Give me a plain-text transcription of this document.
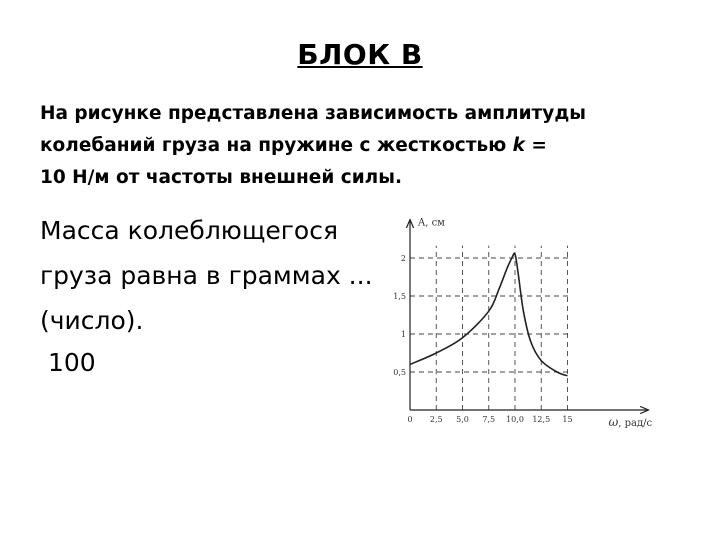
БЛОК В
На рисунке представлена зависимость амплитуды
колебаний груза на пружине с жесткостью k =
10 Н/м от частоты внешней силы.
Масса колеблющегося
груза равна в граммах ...
(число).
100
0 2,5 5,0 7,5 10,0 12,5 15
0,5
1
1,5
2
A, см
ω, рад/с
